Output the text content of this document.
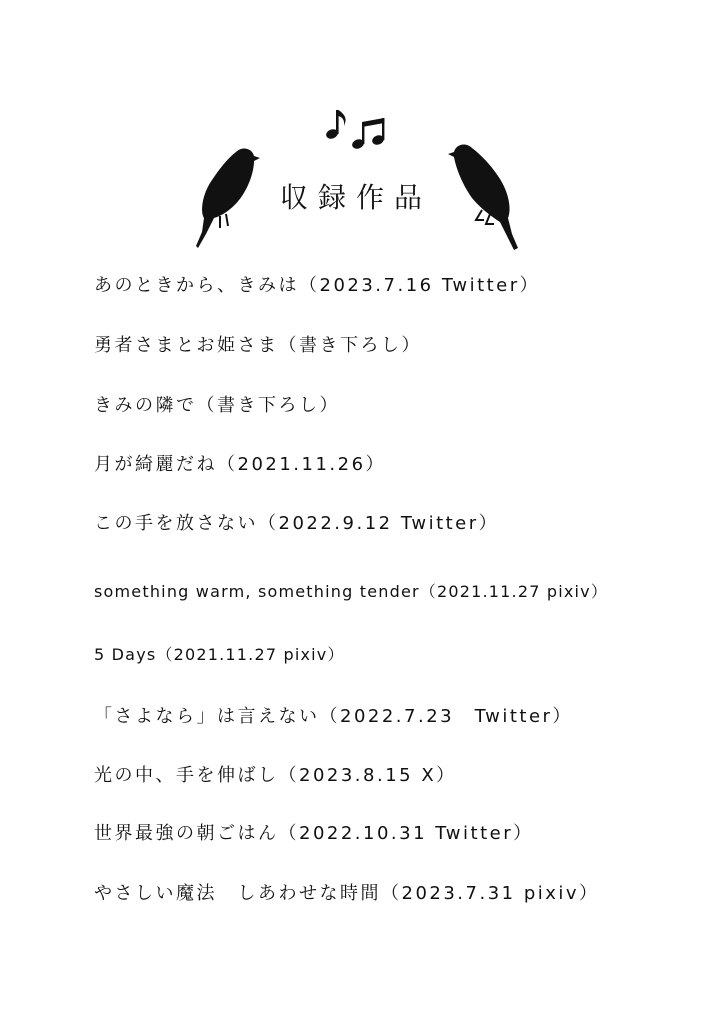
収録作品
あのときから、きみは（2023.7.16 Twitter）
勇者さまとお姫さま（書き下ろし）
きみの隣で（書き下ろし）
月が綺麗だね（2021.11.26）
この手を放さない（2022.9.12 Twitter）
something warm, something tender（2021.11.27 pixiv）
5 Days（2021.11.27 pixiv）
「さよなら」は言えない（2022.7.23　Twitter）
光の中、手を伸ばし（2023.8.15 X）
世界最強の朝ごはん（2022.10.31 Twitter）
やさしい魔法　しあわせな時間（2023.7.31 pixiv）
